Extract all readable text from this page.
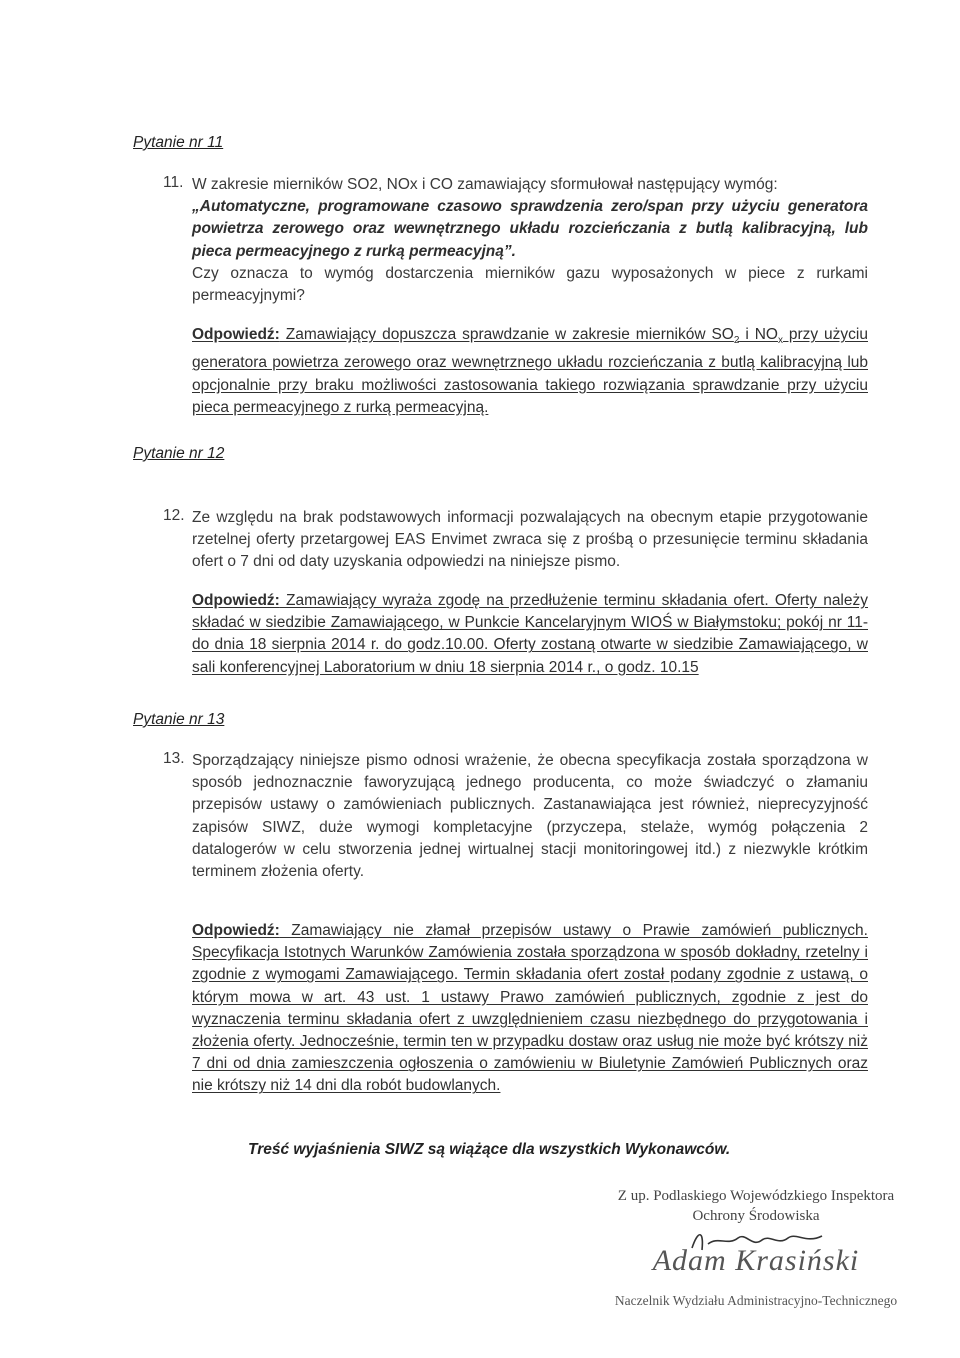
Pytanie nr 11
11. W zakresie mierników SO2, NOx i CO zamawiający sformułował następujący wymóg:
„Automatyczne, programowane czasowo sprawdzenia zero/span przy użyciu generatora powietrza zerowego oraz wewnętrznego układu rozcieńczania z butlą kalibracyjną, lub pieca permeacyjnego z rurką permeacyjną”.
Czy oznacza to wymóg dostarczenia mierników gazu wyposażonych w piece z rurkami permeacyjnymi?
Odpowiedź: Zamawiający dopuszcza sprawdzanie w zakresie mierników $SO_2$ i $NO_x$ przy użyciu generatora powietrza zerowego oraz wewnętrznego układu rozcieńczania z butlą kalibracyjną lub opcjonalnie przy braku możliwości zastosowania takiego rozwiązania sprawdzanie przy użyciu pieca permeacyjnego z rurką permeacyjną.
Pytanie nr 12
12. Ze względu na brak podstawowych informacji pozwalających na obecnym etapie przygotowanie rzetelnej oferty przetargowej EAS Envimet zwraca się z prośbą o przesunięcie terminu składania ofert o 7 dni od daty uzyskania odpowiedzi na niniejsze pismo.
Odpowiedź: Zamawiający wyraża zgodę na przedłużenie terminu składania ofert. Oferty należy składać w siedzibie Zamawiającego, w Punkcie Kancelaryjnym WIOŚ w Białymstoku; pokój nr 11- do dnia 18 sierpnia 2014 r. do godz.10.00. Oferty zostaną otwarte w siedzibie Zamawiającego, w sali konferencyjnej Laboratorium w dniu 18 sierpnia 2014 r., o godz. 10.15
Pytanie nr 13
13. Sporządzający niniejsze pismo odnosi wrażenie, że obecna specyfikacja została sporządzona w sposób jednoznacznie faworyzującą jednego producenta, co może świadczyć o złamaniu przepisów ustawy o zamówieniach publicznych. Zastanawiająca jest również, nieprecyzyjność zapisów SIWZ, duże wymogi kompletacyjne (przyczepa, stelaże, wymóg połączenia 2 datalogerów w celu stworzenia jednej wirtualnej stacji monitoringowej itd.) z niezwykle krótkim terminem złożenia oferty.
Odpowiedź: Zamawiający nie złamał przepisów ustawy o Prawie zamówień publicznych. Specyfikacja Istotnych Warunków Zamówienia została sporządzona w sposób dokładny, rzetelny i zgodnie z wymogami Zamawiającego. Termin składania ofert został podany zgodnie z ustawą, o którym mowa w art. 43 ust. 1 ustawy Prawo zamówień publicznych, zgodnie z jest do wyznaczenia terminu składania ofert z uwzględnieniem czasu niezbędnego do przygotowania i złożenia oferty. Jednocześnie, termin ten w przypadku dostaw oraz usług nie może być krótszy niż 7 dni od dnia zamieszczenia ogłoszenia o zamówieniu w Biuletynie Zamówień Publicznych oraz nie krótszy niż 14 dni dla robót budowlanych.
Treść wyjaśnienia SIWZ są wiążące dla wszystkich Wykonawców.
Z up. Podlaskiego Wojewódzkiego Inspektora
Ochrony Środowiska
Adam Krasiński
Naczelnik Wydziału Administracyjno-Technicznego
